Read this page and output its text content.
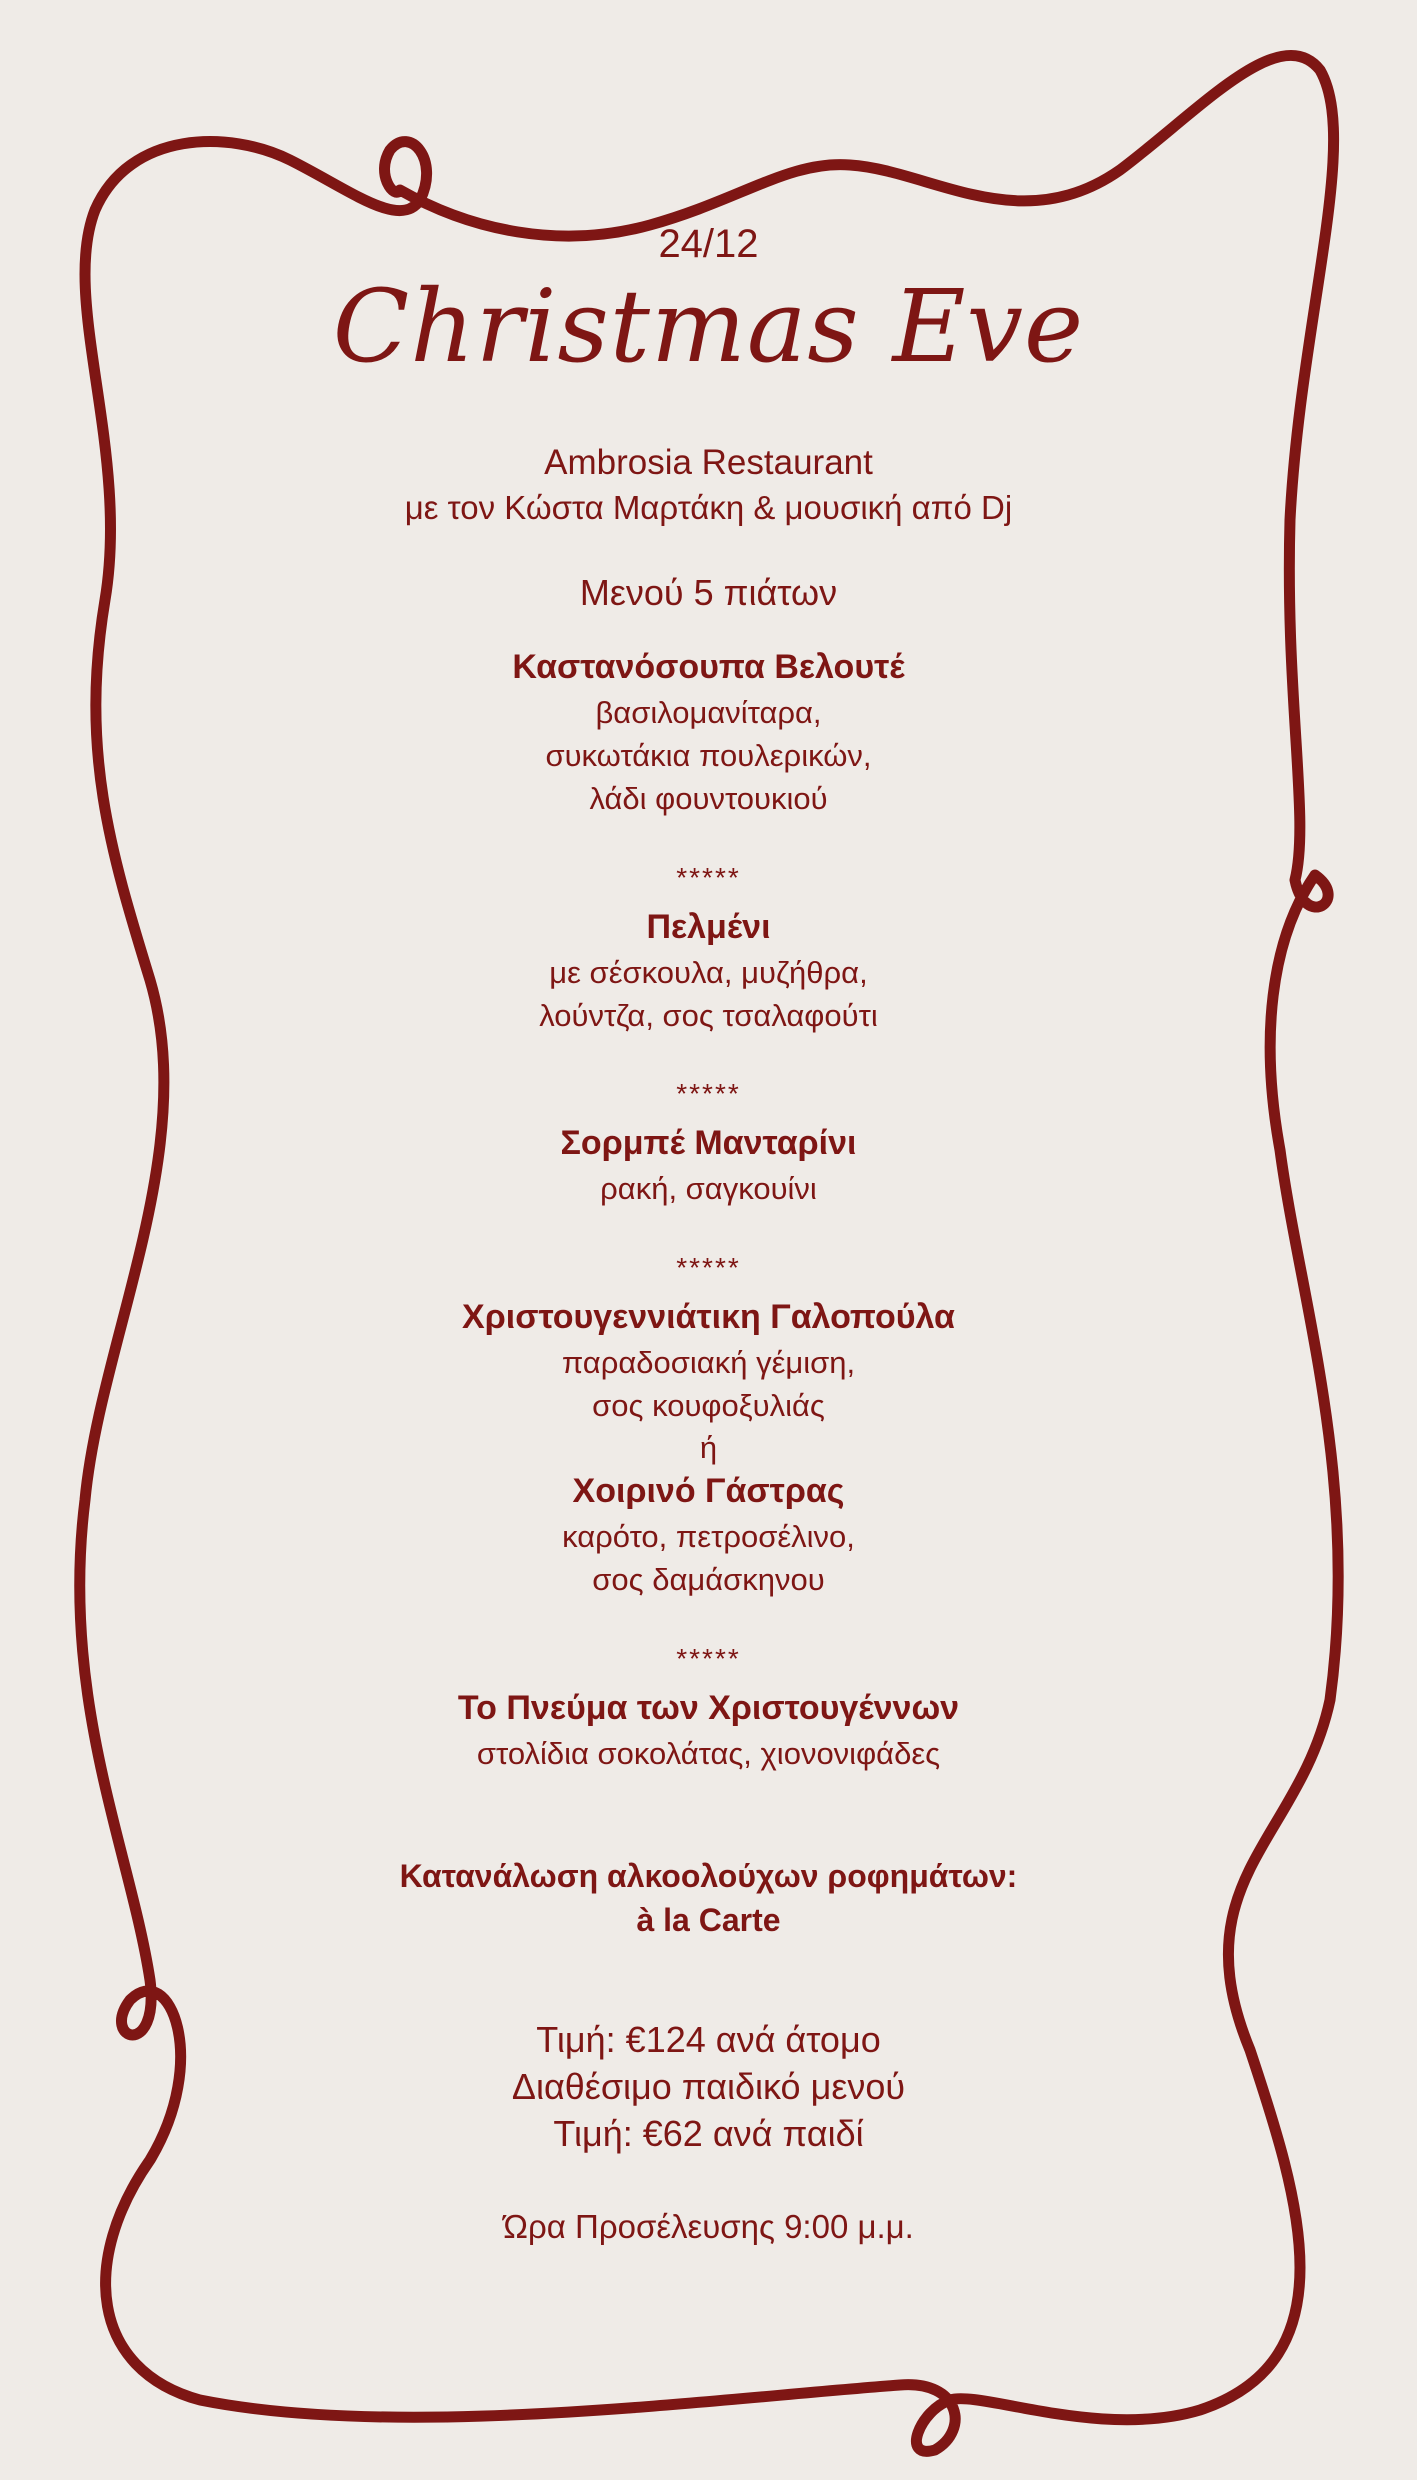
24/12
Christmas Eve
Ambrosia Restaurant
με τον Κώστα Μαρτάκη & μουσική από Dj
Μενού 5 πιάτων
Καστανόσουπα Βελουτέ
βασιλομανίταρα,
συκωτάκια πουλερικών,
λάδι φουντουκιού
*****
Πελμένι
με σέσκουλα, μυζήθρα,
λούντζα, σος τσαλαφούτι
*****
Σορμπέ Μανταρίνι
ρακή, σαγκουίνι
*****
Χριστουγεννιάτικη Γαλοπούλα
παραδοσιακή γέμιση,
σος κουφοξυλιάς
ή
Χοιρινό Γάστρας
καρότο, πετροσέλινο,
σος δαμάσκηνου
*****
Το Πνεύμα των Χριστουγέννων
στολίδια σοκολάτας, χιονονιφάδες
Κατανάλωση αλκοολούχων ροφημάτων:
à la Carte
Τιμή: €124 ανά άτομο
Διαθέσιμο παιδικό μενού
Τιμή: €62 ανά παιδί
Ώρα Προσέλευσης 9:00 μ.μ.
